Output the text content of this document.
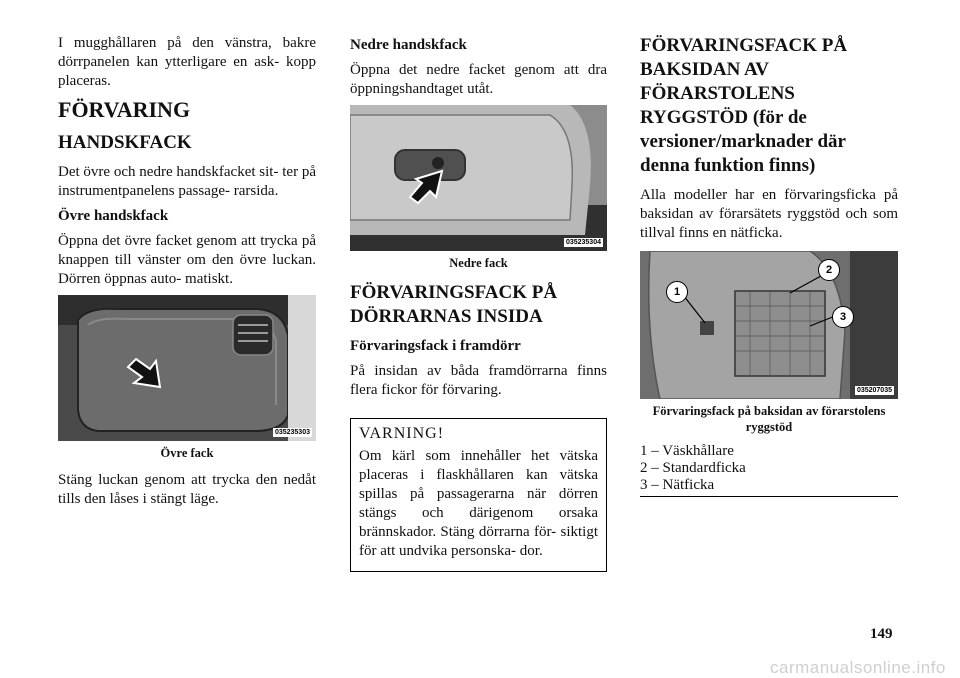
I mugghållaren på den vänstra, bakre dörrpanelen kan ytterligare en ask- kopp placeras.

FÖRVARING
HANDSKFACK

Det övre och nedre handskfacket sit- ter på instrumentpanelens passage- rarsida.

Övre handskfack

Öppna det övre facket genom att trycka på knappen till vänster om den övre luckan. Dörren öppnas auto- matiskt.

035235303
Övre fack

Stäng luckan genom att trycka den nedåt tills den låses i stängt läge.

Nedre handskfack

Öppna det nedre facket genom att dra öppningshandtaget utåt.

035235304
Nedre fack
FÖRVARINGSFACK PÅ DÖRRARNAS INSIDA
Förvaringsfack i framdörr

På insidan av båda framdörrarna finns flera fickor för förvaring.

VARNING!

Om kärl som innehåller het vätska placeras i flaskhållaren kan vätska spillas på passagerarna när dörren stängs och därigenom orsaka brännskador. Stäng dörrarna för- siktigt för att undvika personska- dor.

FÖRVARINGSFACK PÅ BAKSIDAN AV FÖRARSTOLENS RYGGSTÖD (för de versioner/marknader där denna funktion finns)

Alla modeller har en förvaringsficka på baksidan av förarsätets ryggstöd och som tillval finns en nätficka.

1
2
3
035207035
Förvaringsfack på baksidan av förarstolens ryggstöd

1 – Väskhållare

2 – Standardficka

3 – Nätficka

149
carmanualsonline.info
